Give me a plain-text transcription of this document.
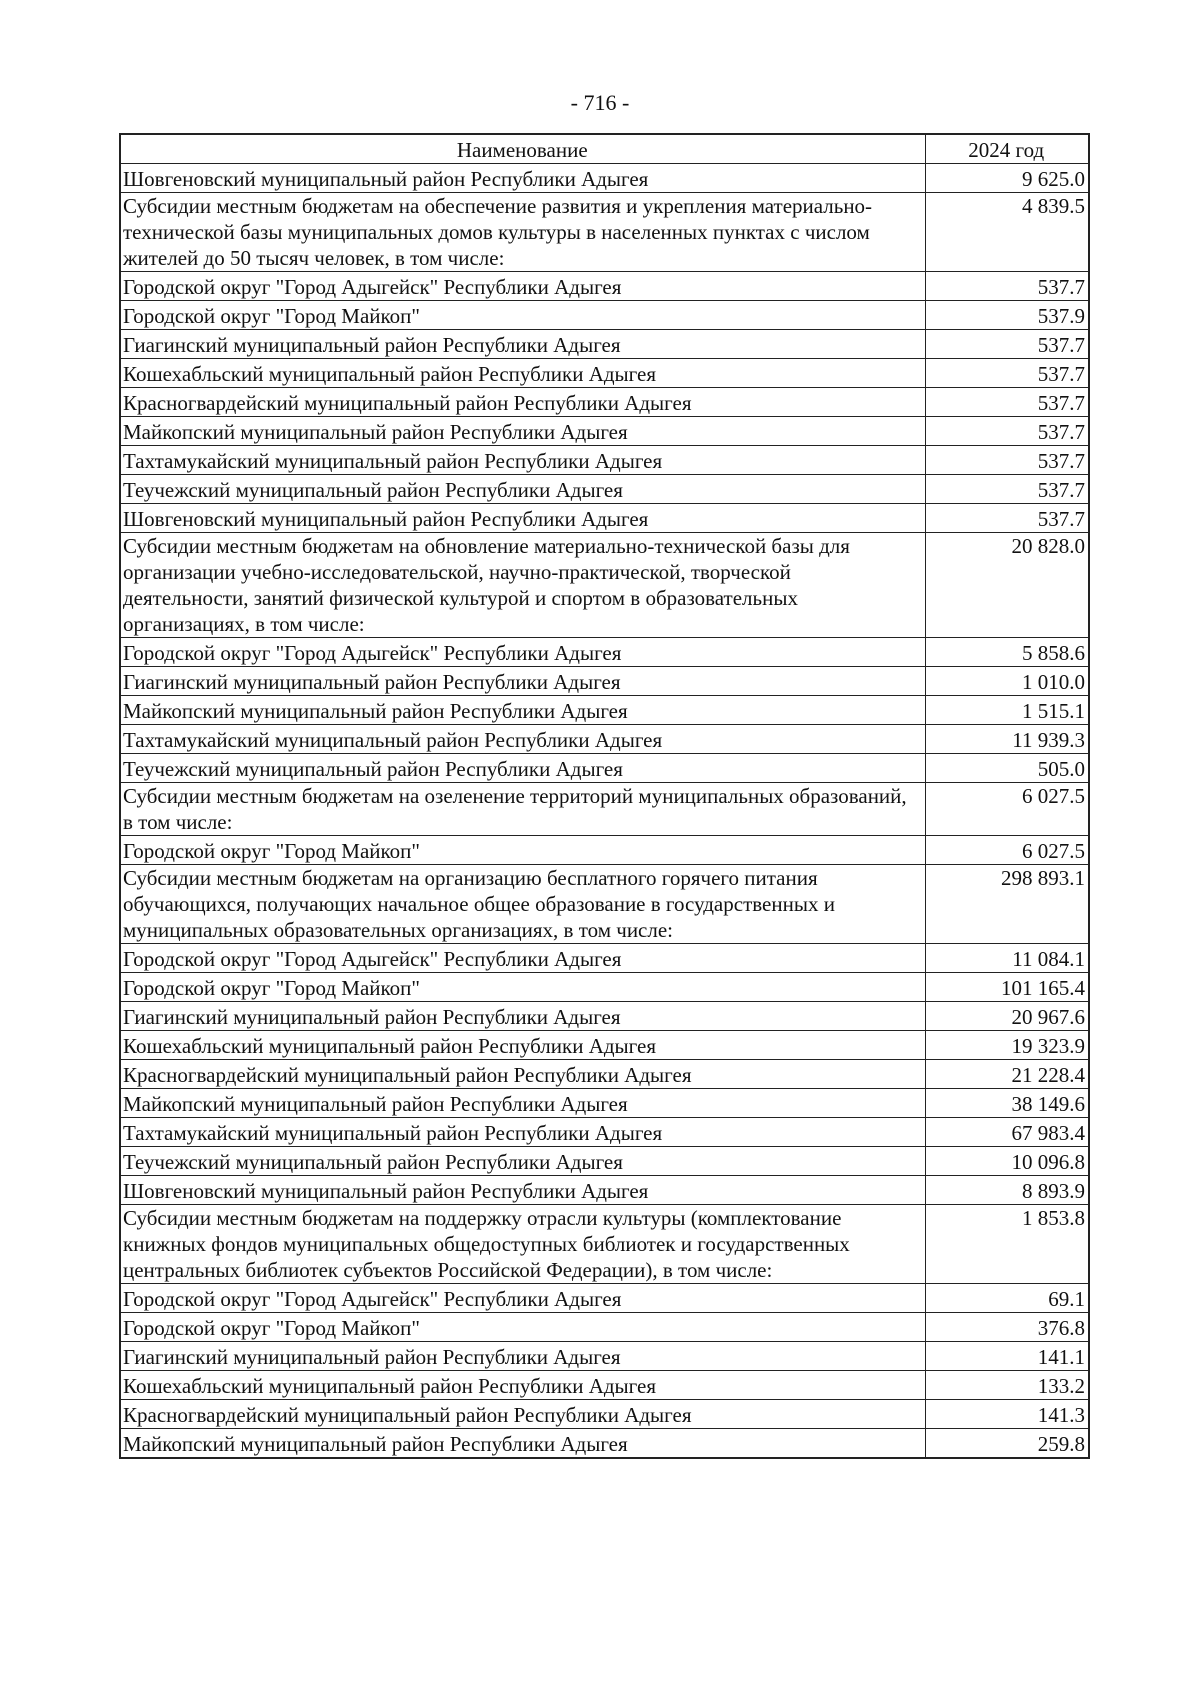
- 716 -
Наименование	2024 год
Шовгеновский муниципальный район Республики Адыгея	9 625.0
Субсидии местным бюджетам на обеспечение развития и укрепления материально-технической базы муниципальных домов культуры в населенных пунктах с числом жителей до 50 тысяч человек, в том числе:	4 839.5
Городской округ "Город Адыгейск" Республики Адыгея	537.7
Городской округ "Город Майкоп"	537.9
Гиагинский муниципальный район Республики Адыгея	537.7
Кошехабльский муниципальный район Республики Адыгея	537.7
Красногвардейский муниципальный район Республики Адыгея	537.7
Майкопский муниципальный район Республики Адыгея	537.7
Тахтамукайский муниципальный район Республики Адыгея	537.7
Теучежский муниципальный район Республики Адыгея	537.7
Шовгеновский муниципальный район Республики Адыгея	537.7
Субсидии местным бюджетам на обновление материально-технической базы для организации учебно-исследовательской, научно-практической, творческой деятельности, занятий физической культурой и спортом в образовательных организациях, в том числе:	20 828.0
Городской округ "Город Адыгейск" Республики Адыгея	5 858.6
Гиагинский муниципальный район Республики Адыгея	1 010.0
Майкопский муниципальный район Республики Адыгея	1 515.1
Тахтамукайский муниципальный район Республики Адыгея	11 939.3
Теучежский муниципальный район Республики Адыгея	505.0
Субсидии местным бюджетам на озеленение территорий муниципальных образований, в том числе:	6 027.5
Городской округ "Город Майкоп"	6 027.5
Субсидии местным бюджетам на организацию бесплатного горячего питания обучающихся, получающих начальное общее образование в государственных и муниципальных образовательных организациях, в том числе:	298 893.1
Городской округ "Город Адыгейск" Республики Адыгея	11 084.1
Городской округ "Город Майкоп"	101 165.4
Гиагинский муниципальный район Республики Адыгея	20 967.6
Кошехабльский муниципальный район Республики Адыгея	19 323.9
Красногвардейский муниципальный район Республики Адыгея	21 228.4
Майкопский муниципальный район Республики Адыгея	38 149.6
Тахтамукайский муниципальный район Республики Адыгея	67 983.4
Теучежский муниципальный район Республики Адыгея	10 096.8
Шовгеновский муниципальный район Республики Адыгея	8 893.9
Субсидии местным бюджетам на поддержку отрасли культуры (комплектование книжных фондов муниципальных общедоступных библиотек и государственных центральных библиотек субъектов Российской Федерации), в том числе:	1 853.8
Городской округ "Город Адыгейск" Республики Адыгея	69.1
Городской округ "Город Майкоп"	376.8
Гиагинский муниципальный район Республики Адыгея	141.1
Кошехабльский муниципальный район Республики Адыгея	133.2
Красногвардейский муниципальный район Республики Адыгея	141.3
Майкопский муниципальный район Республики Адыгея	259.8
